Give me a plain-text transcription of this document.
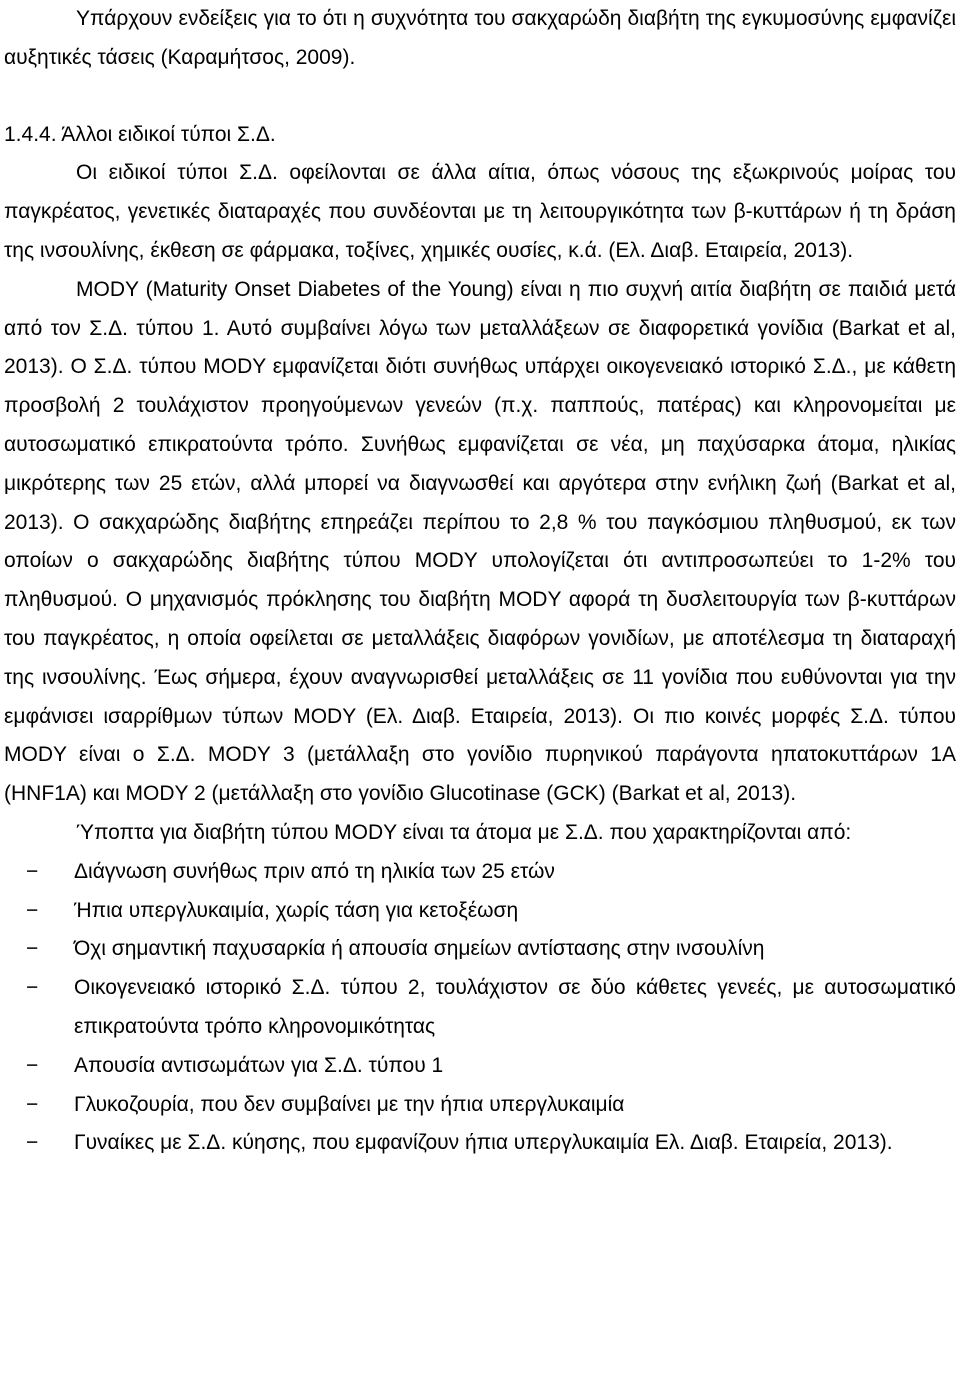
Υπάρχουν ενδείξεις για το ότι η συχνότητα του σακχαρώδη διαβήτη της εγκυμοσύνης εμφανίζει αυξητικές τάσεις (Καραμήτσος, 2009).

1.4.4. Άλλοι ειδικοί τύποι Σ.Δ.

Οι ειδικοί τύποι Σ.Δ. οφείλονται σε άλλα αίτια, όπως νόσους της εξωκρινούς μοίρας του παγκρέατος, γενετικές διαταραχές που συνδέονται με τη λειτουργικότητα των β-κυττάρων ή τη δράση της ινσουλίνης, έκθεση σε φάρμακα, τοξίνες, χημικές ουσίες, κ.ά. (Ελ. Διαβ. Εταιρεία, 2013).

MODY (Maturity Onset Diabetes of the Young) είναι η πιο συχνή αιτία διαβήτη σε παιδιά μετά από τον Σ.Δ. τύπου 1. Αυτό συμβαίνει λόγω των μεταλλάξεων σε διαφορετικά γονίδια (Barkat et al, 2013). Ο Σ.Δ. τύπου MODY εμφανίζεται διότι συνήθως υπάρχει οικογενειακό ιστορικό Σ.Δ., με κάθετη προσβολή 2 τουλάχιστον προηγούμενων γενεών (π.χ. παππούς, πατέρας) και κληρονομείται με αυτοσωματικό επικρατούντα τρόπο. Συνήθως εμφανίζεται σε νέα, μη παχύσαρκα άτομα, ηλικίας μικρότερης των 25 ετών, αλλά μπορεί να διαγνωσθεί και αργότερα στην ενήλικη ζωή (Barkat et al, 2013). Ο σακχαρώδης διαβήτης επηρεάζει περίπου το 2,8 % του παγκόσμιου πληθυσμού, εκ των οποίων ο σακχαρώδης διαβήτης τύπου MODY υπολογίζεται ότι αντιπροσωπεύει το 1-2% του πληθυσμού. Ο μηχανισμός πρόκλησης του διαβήτη MODY αφορά τη δυσλειτουργία των β-κυττάρων του παγκρέατος, η οποία οφείλεται σε μεταλλάξεις διαφόρων γονιδίων, με αποτέλεσμα τη διαταραχή της ινσουλίνης. Έως σήμερα, έχουν αναγνωρισθεί μεταλλάξεις σε 11 γονίδια που ευθύνονται για την εμφάνισει ισαρρίθμων τύπων MODY (Ελ. Διαβ. Εταιρεία, 2013). Οι πιο κοινές μορφές Σ.Δ. τύπου MODY είναι ο Σ.Δ. MODY 3 (μετάλλαξη στο γονίδιο πυρηνικού παράγοντα ηπατοκυττάρων 1Α (HNF1A) και MODY 2 (μετάλλαξη στο γονίδιο Glucotinase (GCK) (Barkat et al, 2013).

Ύποπτα για διαβήτη τύπου MODY είναι τα άτομα με Σ.Δ. που χαρακτηρίζονται από:

− Διάγνωση συνήθως πριν από τη ηλικία των 25 ετών
− Ήπια υπεργλυκαιμία, χωρίς τάση για κετοξέωση
− Όχι σημαντική παχυσαρκία ή απουσία σημείων αντίστασης στην ινσουλίνη
− Οικογενειακό ιστορικό Σ.Δ. τύπου 2, τουλάχιστον σε δύο κάθετες γενεές, με αυτοσωματικό επικρατούντα τρόπο κληρονομικότητας
− Απουσία αντισωμάτων για Σ.Δ. τύπου 1
− Γλυκοζουρία, που δεν συμβαίνει με την ήπια υπεργλυκαιμία
− Γυναίκες με Σ.Δ. κύησης, που εμφανίζουν ήπια υπεργλυκαιμία Ελ. Διαβ. Εταιρεία, 2013).
